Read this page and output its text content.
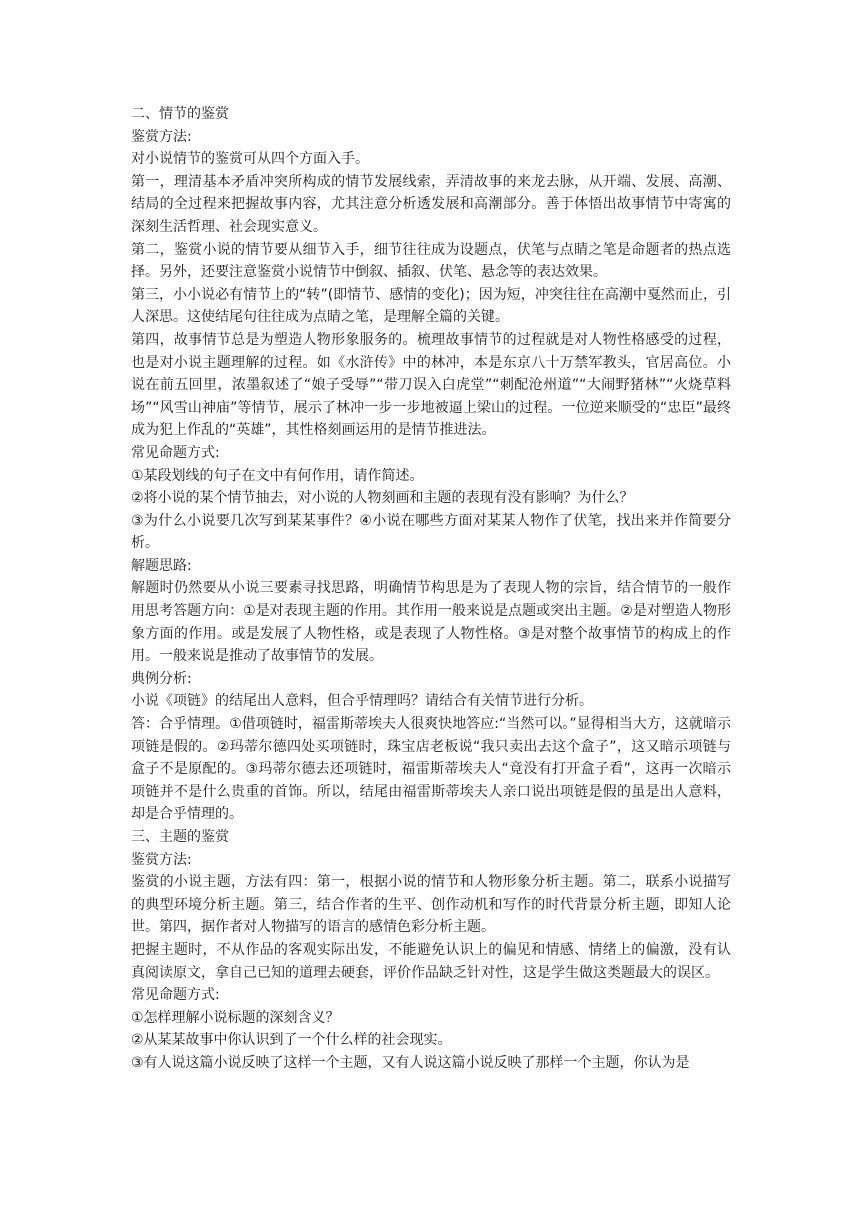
二、情节的鉴赏

鉴赏方法:

对小说情节的鉴赏可从四个方面入手。

第一，理清基本矛盾冲突所构成的情节发展线索，弄清故事的来龙去脉，从开端、发展、高潮、结局的全过程来把握故事内容，尤其注意分析透发展和高潮部分。善于体悟出故事情节中寄寓的深刻生活哲理、社会现实意义。

第二，鉴赏小说的情节要从细节入手，细节往往成为设题点，伏笔与点睛之笔是命题者的热点选择。另外，还要注意鉴赏小说情节中倒叙、插叙、伏笔、悬念等的表达效果。

第三，小小说必有情节上的“转”(即情节、感情的变化)；因为短，冲突往往在高潮中戛然而止，引人深思。这使结尾句往往成为点睛之笔，是理解全篇的关键。

第四，故事情节总是为塑造人物形象服务的。梳理故事情节的过程就是对人物性格感受的过程，也是对小说主题理解的过程。如《水浒传》中的林冲，本是东京八十万禁军教头，官居高位。小说在前五回里，浓墨叙述了“娘子受辱”“带刀误入白虎堂”“刺配沧州道”“大闹野猪林”“火烧草料场”“风雪山神庙”等情节，展示了林冲一步一步地被逼上梁山的过程。一位逆来顺受的“忠臣”最终成为犯上作乱的“英雄”，其性格刻画运用的是情节推进法。

常见命题方式:

①某段划线的句子在文中有何作用，请作简述。

②将小说的某个情节抽去，对小说的人物刻画和主题的表现有没有影响？为什么？

③为什么小说要几次写到某某事件？④小说在哪些方面对某某人物作了伏笔，找出来并作简要分析。

解题思路:

解题时仍然要从小说三要素寻找思路，明确情节构思是为了表现人物的宗旨，结合情节的一般作用思考答题方向：①是对表现主题的作用。其作用一般来说是点题或突出主题。②是对塑造人物形象方面的作用。或是发展了人物性格，或是表现了人物性格。③是对整个故事情节的构成上的作用。一般来说是推动了故事情节的发展。

典例分析:

小说《项链》的结尾出人意料，但合乎情理吗？请结合有关情节进行分析。

答：合乎情理。①借项链时，福雷斯蒂埃夫人很爽快地答应:“当然可以。”显得相当大方，这就暗示项链是假的。②玛蒂尔德四处买项链时，珠宝店老板说“我只卖出去这个盒子”，这又暗示项链与盒子不是原配的。③玛蒂尔德去还项链时，福雷斯蒂埃夫人“竟没有打开盒子看”，这再一次暗示项链并不是什么贵重的首饰。所以，结尾由福雷斯蒂埃夫人亲口说出项链是假的虽是出人意料，却是合乎情理的。

三、主题的鉴赏

鉴赏方法:

鉴赏的小说主题，方法有四：第一，根据小说的情节和人物形象分析主题。第二，联系小说描写的典型环境分析主题。第三，结合作者的生平、创作动机和写作的时代背景分析主题，即知人论世。第四，据作者对人物描写的语言的感情色彩分析主题。

把握主题时，不从作品的客观实际出发，不能避免认识上的偏见和情感、情绪上的偏激，没有认真阅读原文，拿自己已知的道理去硬套，评价作品缺乏针对性，这是学生做这类题最大的误区。

常见命题方式:

①怎样理解小说标题的深刻含义？

②从某某故事中你认识到了一个什么样的社会现实。

③有人说这篇小说反映了这样一个主题，又有人说这篇小说反映了那样一个主题，你认为是
